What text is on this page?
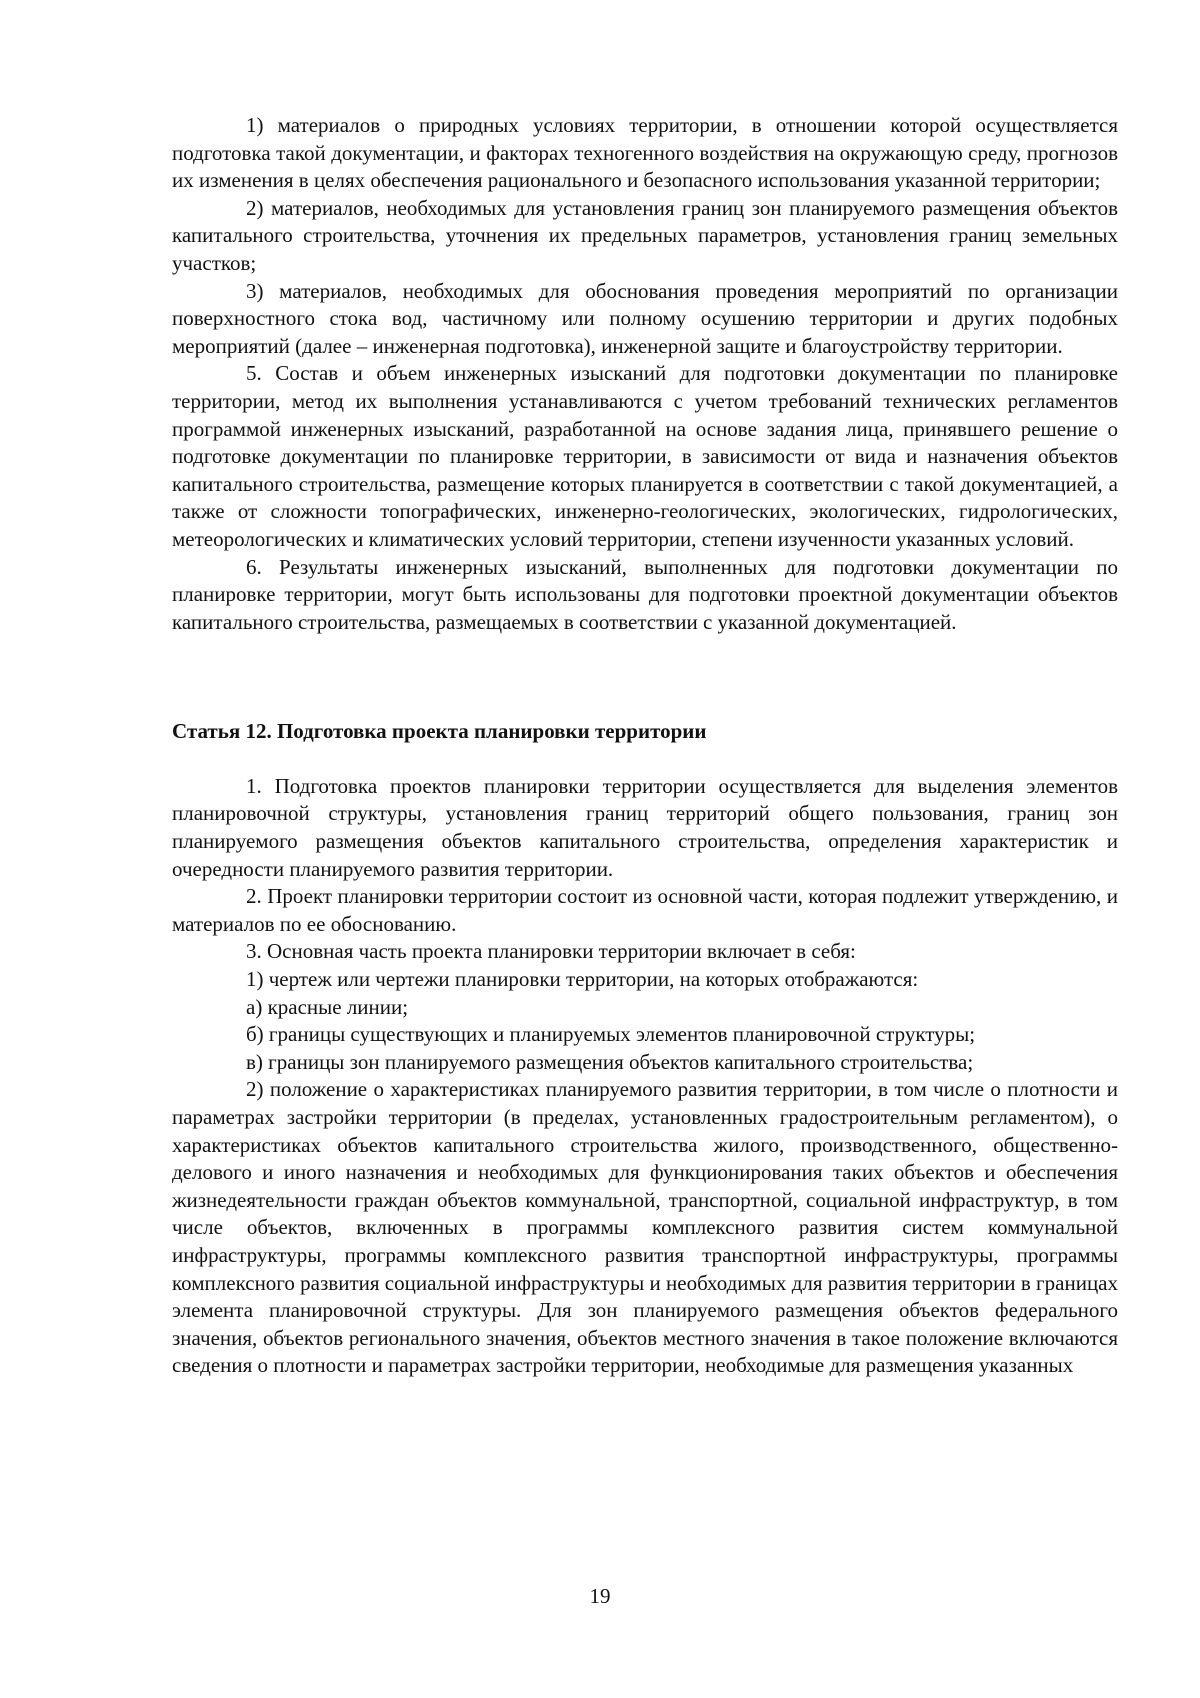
1) материалов о природных условиях территории, в отношении которой осуществляется подготовка такой документации, и факторах техногенного воздействия на окружающую среду, прогнозов их изменения в целях обеспечения рационального и безопасного использования указанной территории;

2) материалов, необходимых для установления границ зон планируемого размещения объектов капитального строительства, уточнения их предельных параметров, установления границ земельных участков;

3) материалов, необходимых для обоснования проведения мероприятий по организации поверхностного стока вод, частичному или полному осушению территории и других подобных мероприятий (далее – инженерная подготовка), инженерной защите и благоустройству территории.

5. Состав и объем инженерных изысканий для подготовки документации по планировке территории, метод их выполнения устанавливаются с учетом требований технических регламентов программой инженерных изысканий, разработанной на основе задания лица, принявшего решение о подготовке документации по планировке территории, в зависимости от вида и назначения объектов капитального строительства, размещение которых планируется в соответствии с такой документацией, а также от сложности топографических, инженерно-геологических, экологических, гидрологических, метеорологических и климатических условий территории, степени изученности указанных условий.

6. Результаты инженерных изысканий, выполненных для подготовки документации по планировке территории, могут быть использованы для подготовки проектной документации объектов капитального строительства, размещаемых в соответствии с указанной документацией.

Статья 12. Подготовка проекта планировки территории

1. Подготовка проектов планировки территории осуществляется для выделения элементов планировочной структуры, установления границ территорий общего пользования, границ зон планируемого размещения объектов капитального строительства, определения характеристик и очередности планируемого развития территории.

2. Проект планировки территории состоит из основной части, которая подлежит утверждению, и материалов по ее обоснованию.

3. Основная часть проекта планировки территории включает в себя:

1) чертеж или чертежи планировки территории, на которых отображаются:

а) красные линии;

б) границы существующих и планируемых элементов планировочной структуры;

в) границы зон планируемого размещения объектов капитального строительства;

2) положение о характеристиках планируемого развития территории, в том числе о плотности и параметрах застройки территории (в пределах, установленных градостроительным регламентом), о характеристиках объектов капитального строительства жилого, производственного, общественно-делового и иного назначения и необходимых для функционирования таких объектов и обеспечения жизнедеятельности граждан объектов коммунальной, транспортной, социальной инфраструктур, в том числе объектов, включенных в программы комплексного развития систем коммунальной инфраструктуры, программы комплексного развития транспортной инфраструктуры, программы комплексного развития социальной инфраструктуры и необходимых для развития территории в границах элемента планировочной структуры. Для зон планируемого размещения объектов федерального значения, объектов регионального значения, объектов местного значения в такое положение включаются сведения о плотности и параметрах застройки территории, необходимые для размещения указанных

19
